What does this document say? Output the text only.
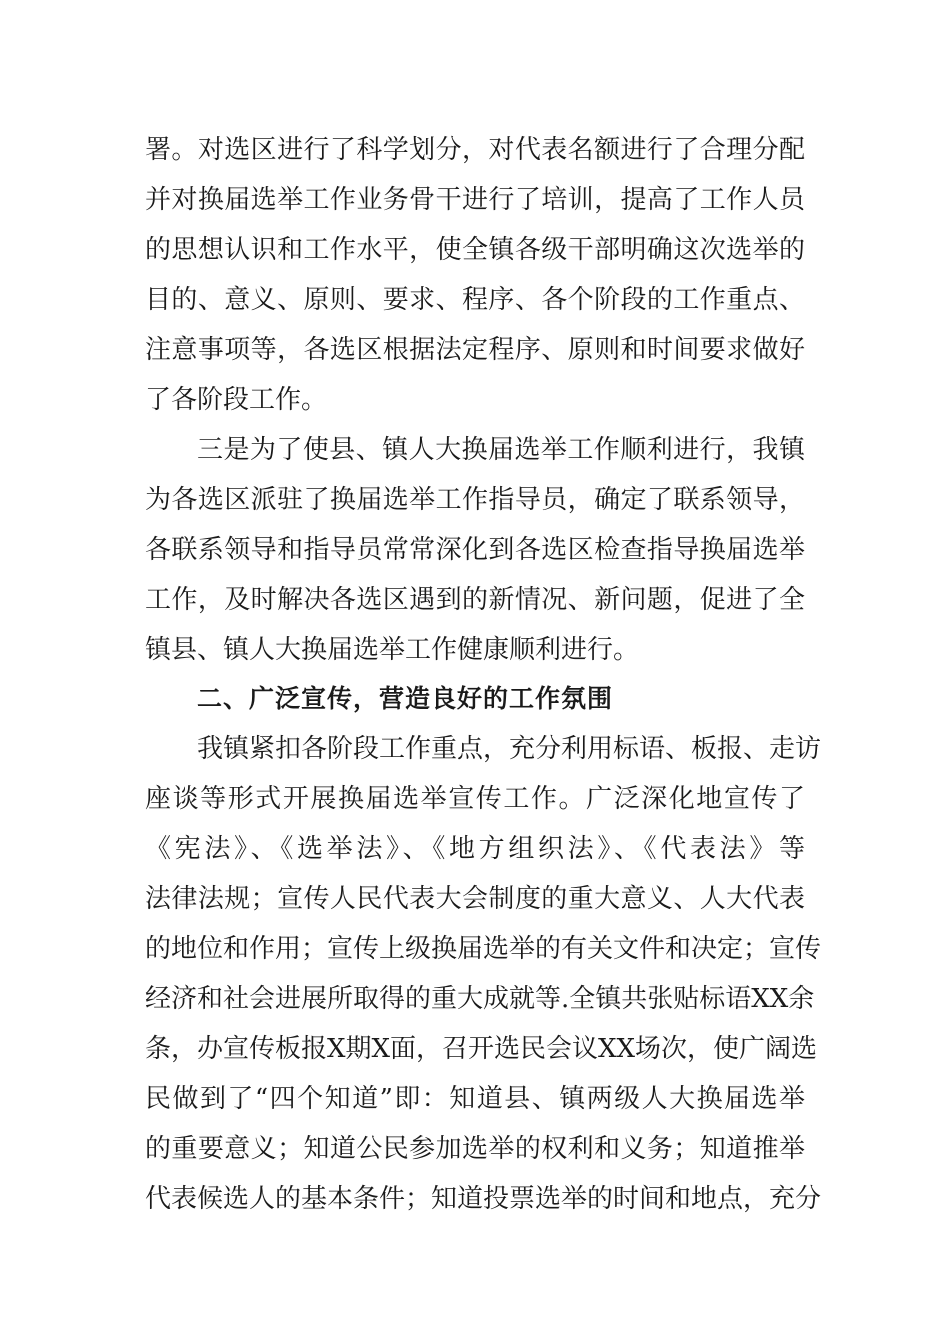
署。对选区进行了科学划分，对代表名额进行了合理分配
并对换届选举工作业务骨干进行了培训，提高了工作人员
的思想认识和工作水平，使全镇各级干部明确这次选举的
目的、意义、原则、要求、程序、各个阶段的工作重点、
注意事项等，各选区根据法定程序、原则和时间要求做好
了各阶段工作。
三是为了使县、镇人大换届选举工作顺利进行，我镇
为各选区派驻了换届选举工作指导员，确定了联系领导，
各联系领导和指导员常常深化到各选区检查指导换届选举
工作，及时解决各选区遇到的新情况、新问题，促进了全
镇县、镇人大换届选举工作健康顺利进行。
二、广泛宣传，营造良好的工作氛围
我镇紧扣各阶段工作重点，充分利用标语、板报、走访
座谈等形式开展换届选举宣传工作。广泛深化地宣传了
《宪法》、《选举法》、《地方组织法》、《代表法》等
法律法规；宣传人民代表大会制度的重大意义、人大代表
的地位和作用；宣传上级换届选举的有关文件和决定；宣传
经济和社会进展所取得的重大成就等.全镇共张贴标语XX余
条，办宣传板报X期X面，召开选民会议XX场次，使广阔选
民做到了“四个知道”即：知道县、镇两级人大换届选举
的重要意义；知道公民参加选举的权利和义务；知道推举
代表候选人的基本条件；知道投票选举的时间和地点，充分
